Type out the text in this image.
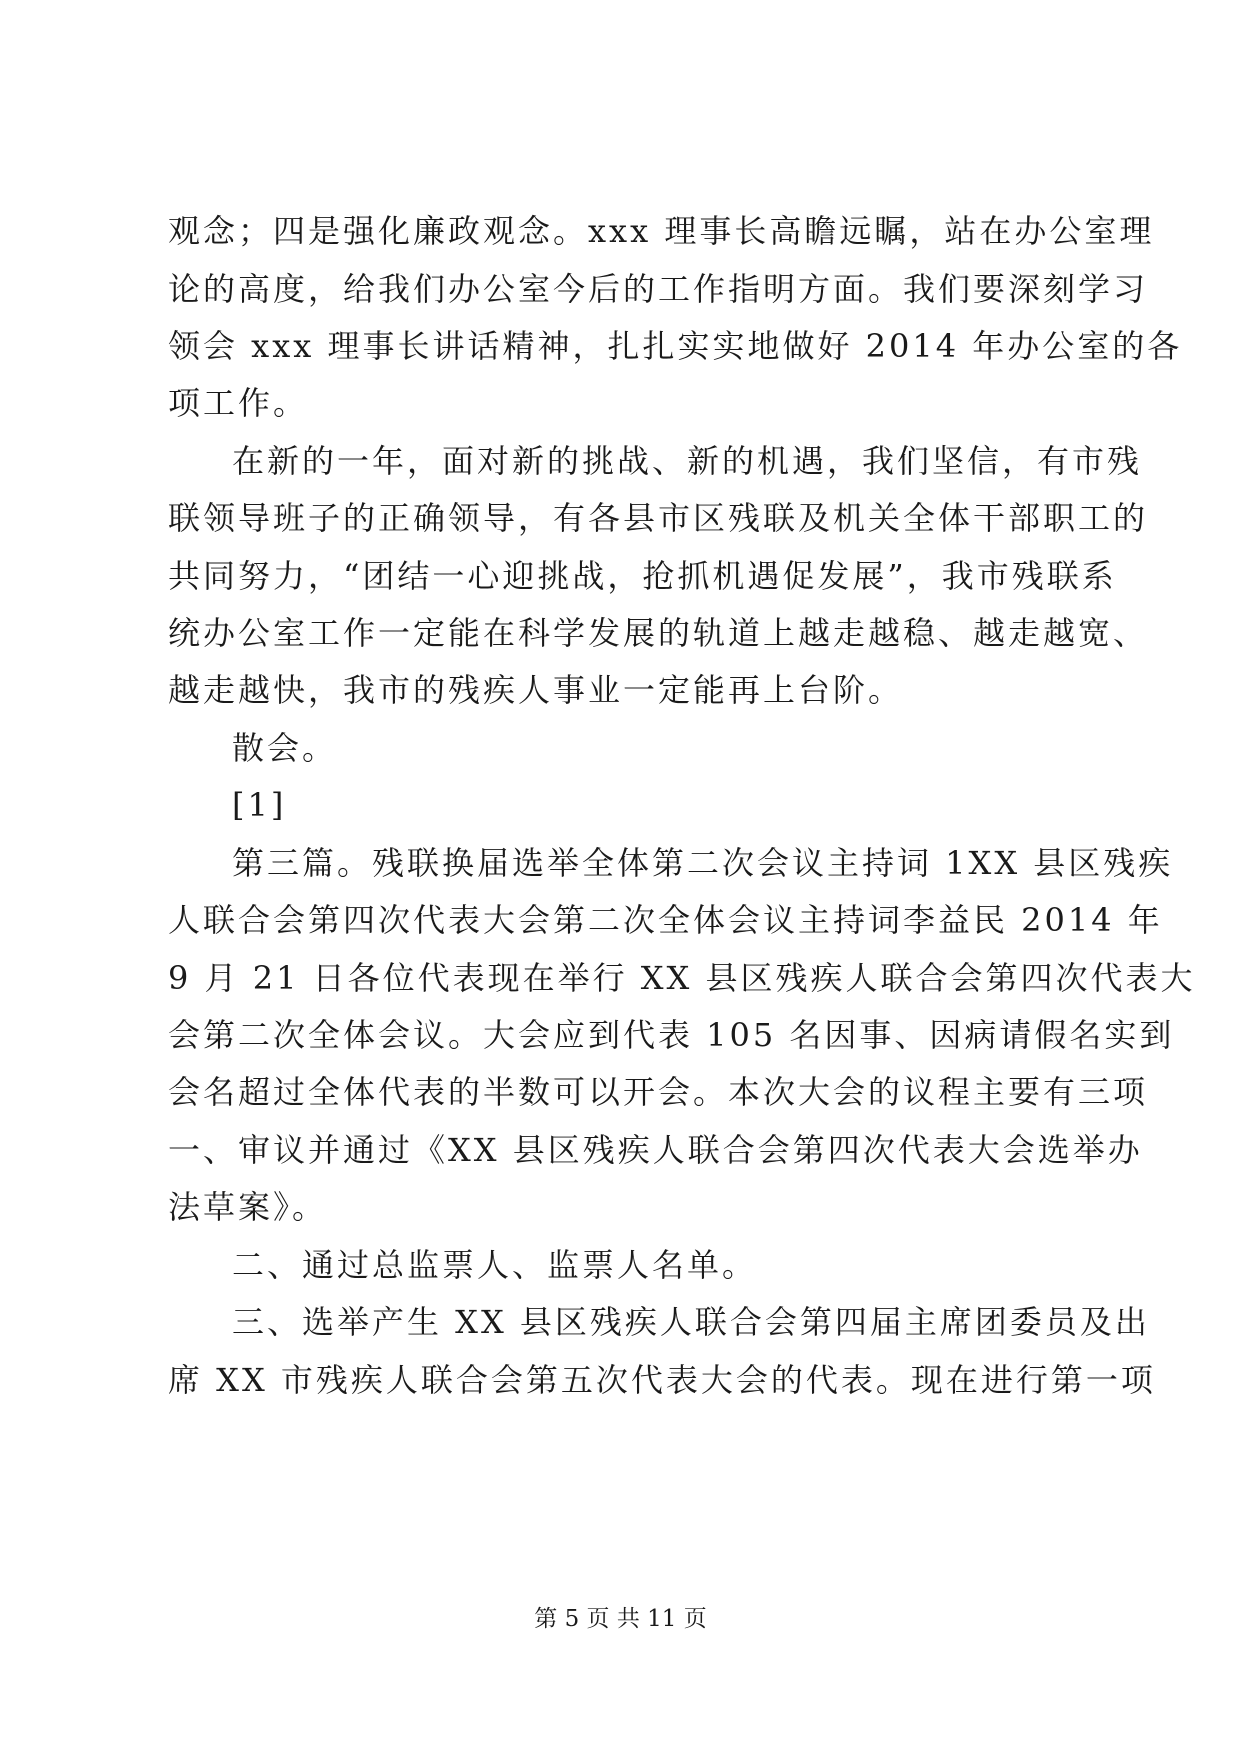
观念；四是强化廉政观念。xxx 理事长高瞻远瞩，站在办公室理
论的高度，给我们办公室今后的工作指明方面。我们要深刻学习
领会 xxx 理事长讲话精神，扎扎实实地做好 2014 年办公室的各
项工作。
在新的一年，面对新的挑战、新的机遇，我们坚信，有市残
联领导班子的正确领导，有各县市区残联及机关全体干部职工的
共同努力，“团结一心迎挑战，抢抓机遇促发展”，我市残联系
统办公室工作一定能在科学发展的轨道上越走越稳、越走越宽、
越走越快，我市的残疾人事业一定能再上台阶。
散会。
[1]
第三篇。残联换届选举全体第二次会议主持词 1XX 县区残疾
人联合会第四次代表大会第二次全体会议主持词李益民 2014 年
9 月 21 日各位代表现在举行 XX 县区残疾人联合会第四次代表大
会第二次全体会议。大会应到代表 105 名因事、因病请假名实到
会名超过全体代表的半数可以开会。本次大会的议程主要有三项
一、审议并通过《XX 县区残疾人联合会第四次代表大会选举办
法草案》。
二、通过总监票人、监票人名单。
三、选举产生 XX 县区残疾人联合会第四届主席团委员及出
席 XX 市残疾人联合会第五次代表大会的代表。现在进行第一项
第 5 页 共 11 页
